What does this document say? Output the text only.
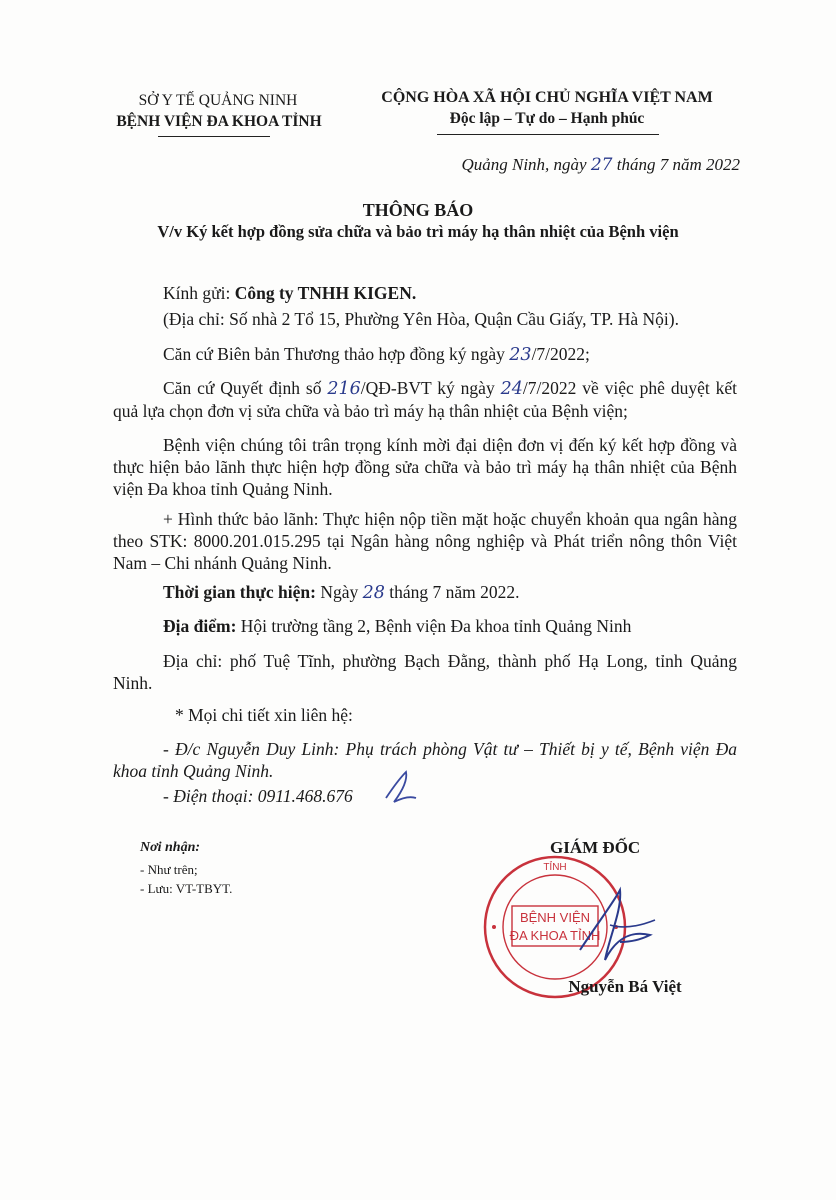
SỞ Y TẾ QUẢNG NINH
BỆNH VIỆN ĐA KHOA TỈNH
CỘNG HÒA XÃ HỘI CHỦ NGHĨA VIỆT NAM
Độc lập – Tự do – Hạnh phúc
Quảng Ninh, ngày 27 tháng 7 năm 2022
THÔNG BÁO
V/v Ký kết hợp đồng sửa chữa và bảo trì máy hạ thân nhiệt của Bệnh viện
Kính gửi: Công ty TNHH KIGEN.
(Địa chỉ: Số nhà 2 Tổ 15, Phường Yên Hòa, Quận Cầu Giấy, TP. Hà Nội).
Căn cứ Biên bản Thương thảo hợp đồng ký ngày 23/7/2022;
Căn cứ Quyết định số 216/QĐ-BVT ký ngày 24/7/2022 về việc phê duyệt kết quả lựa chọn đơn vị sửa chữa và bảo trì máy hạ thân nhiệt của Bệnh viện;
Bệnh viện chúng tôi trân trọng kính mời đại diện đơn vị đến ký kết hợp đồng và thực hiện bảo lãnh thực hiện hợp đồng sửa chữa và bảo trì máy hạ thân nhiệt của Bệnh viện Đa khoa tỉnh Quảng Ninh.
+ Hình thức bảo lãnh: Thực hiện nộp tiền mặt hoặc chuyển khoản qua ngân hàng theo STK: 8000.201.015.295 tại Ngân hàng nông nghiệp và Phát triển nông thôn Việt Nam – Chi nhánh Quảng Ninh.
Thời gian thực hiện: Ngày 28 tháng 7 năm 2022.
Địa điểm: Hội trường tầng 2, Bệnh viện Đa khoa tỉnh Quảng Ninh
Địa chỉ: phố Tuệ Tĩnh, phường Bạch Đằng, thành phố Hạ Long, tỉnh Quảng Ninh.
* Mọi chi tiết xin liên hệ:
- Đ/c Nguyễn Duy Linh: Phụ trách phòng Vật tư – Thiết bị y tế, Bệnh viện Đa khoa tỉnh Quảng Ninh.
- Điện thoại: 0911.468.676
Nơi nhận:
- Như trên;
- Lưu: VT-TBYT.
GIÁM ĐỐC
BỆNH VIỆN
ĐA KHOA TỈNH
TỈNH
Nguyễn Bá Việt
